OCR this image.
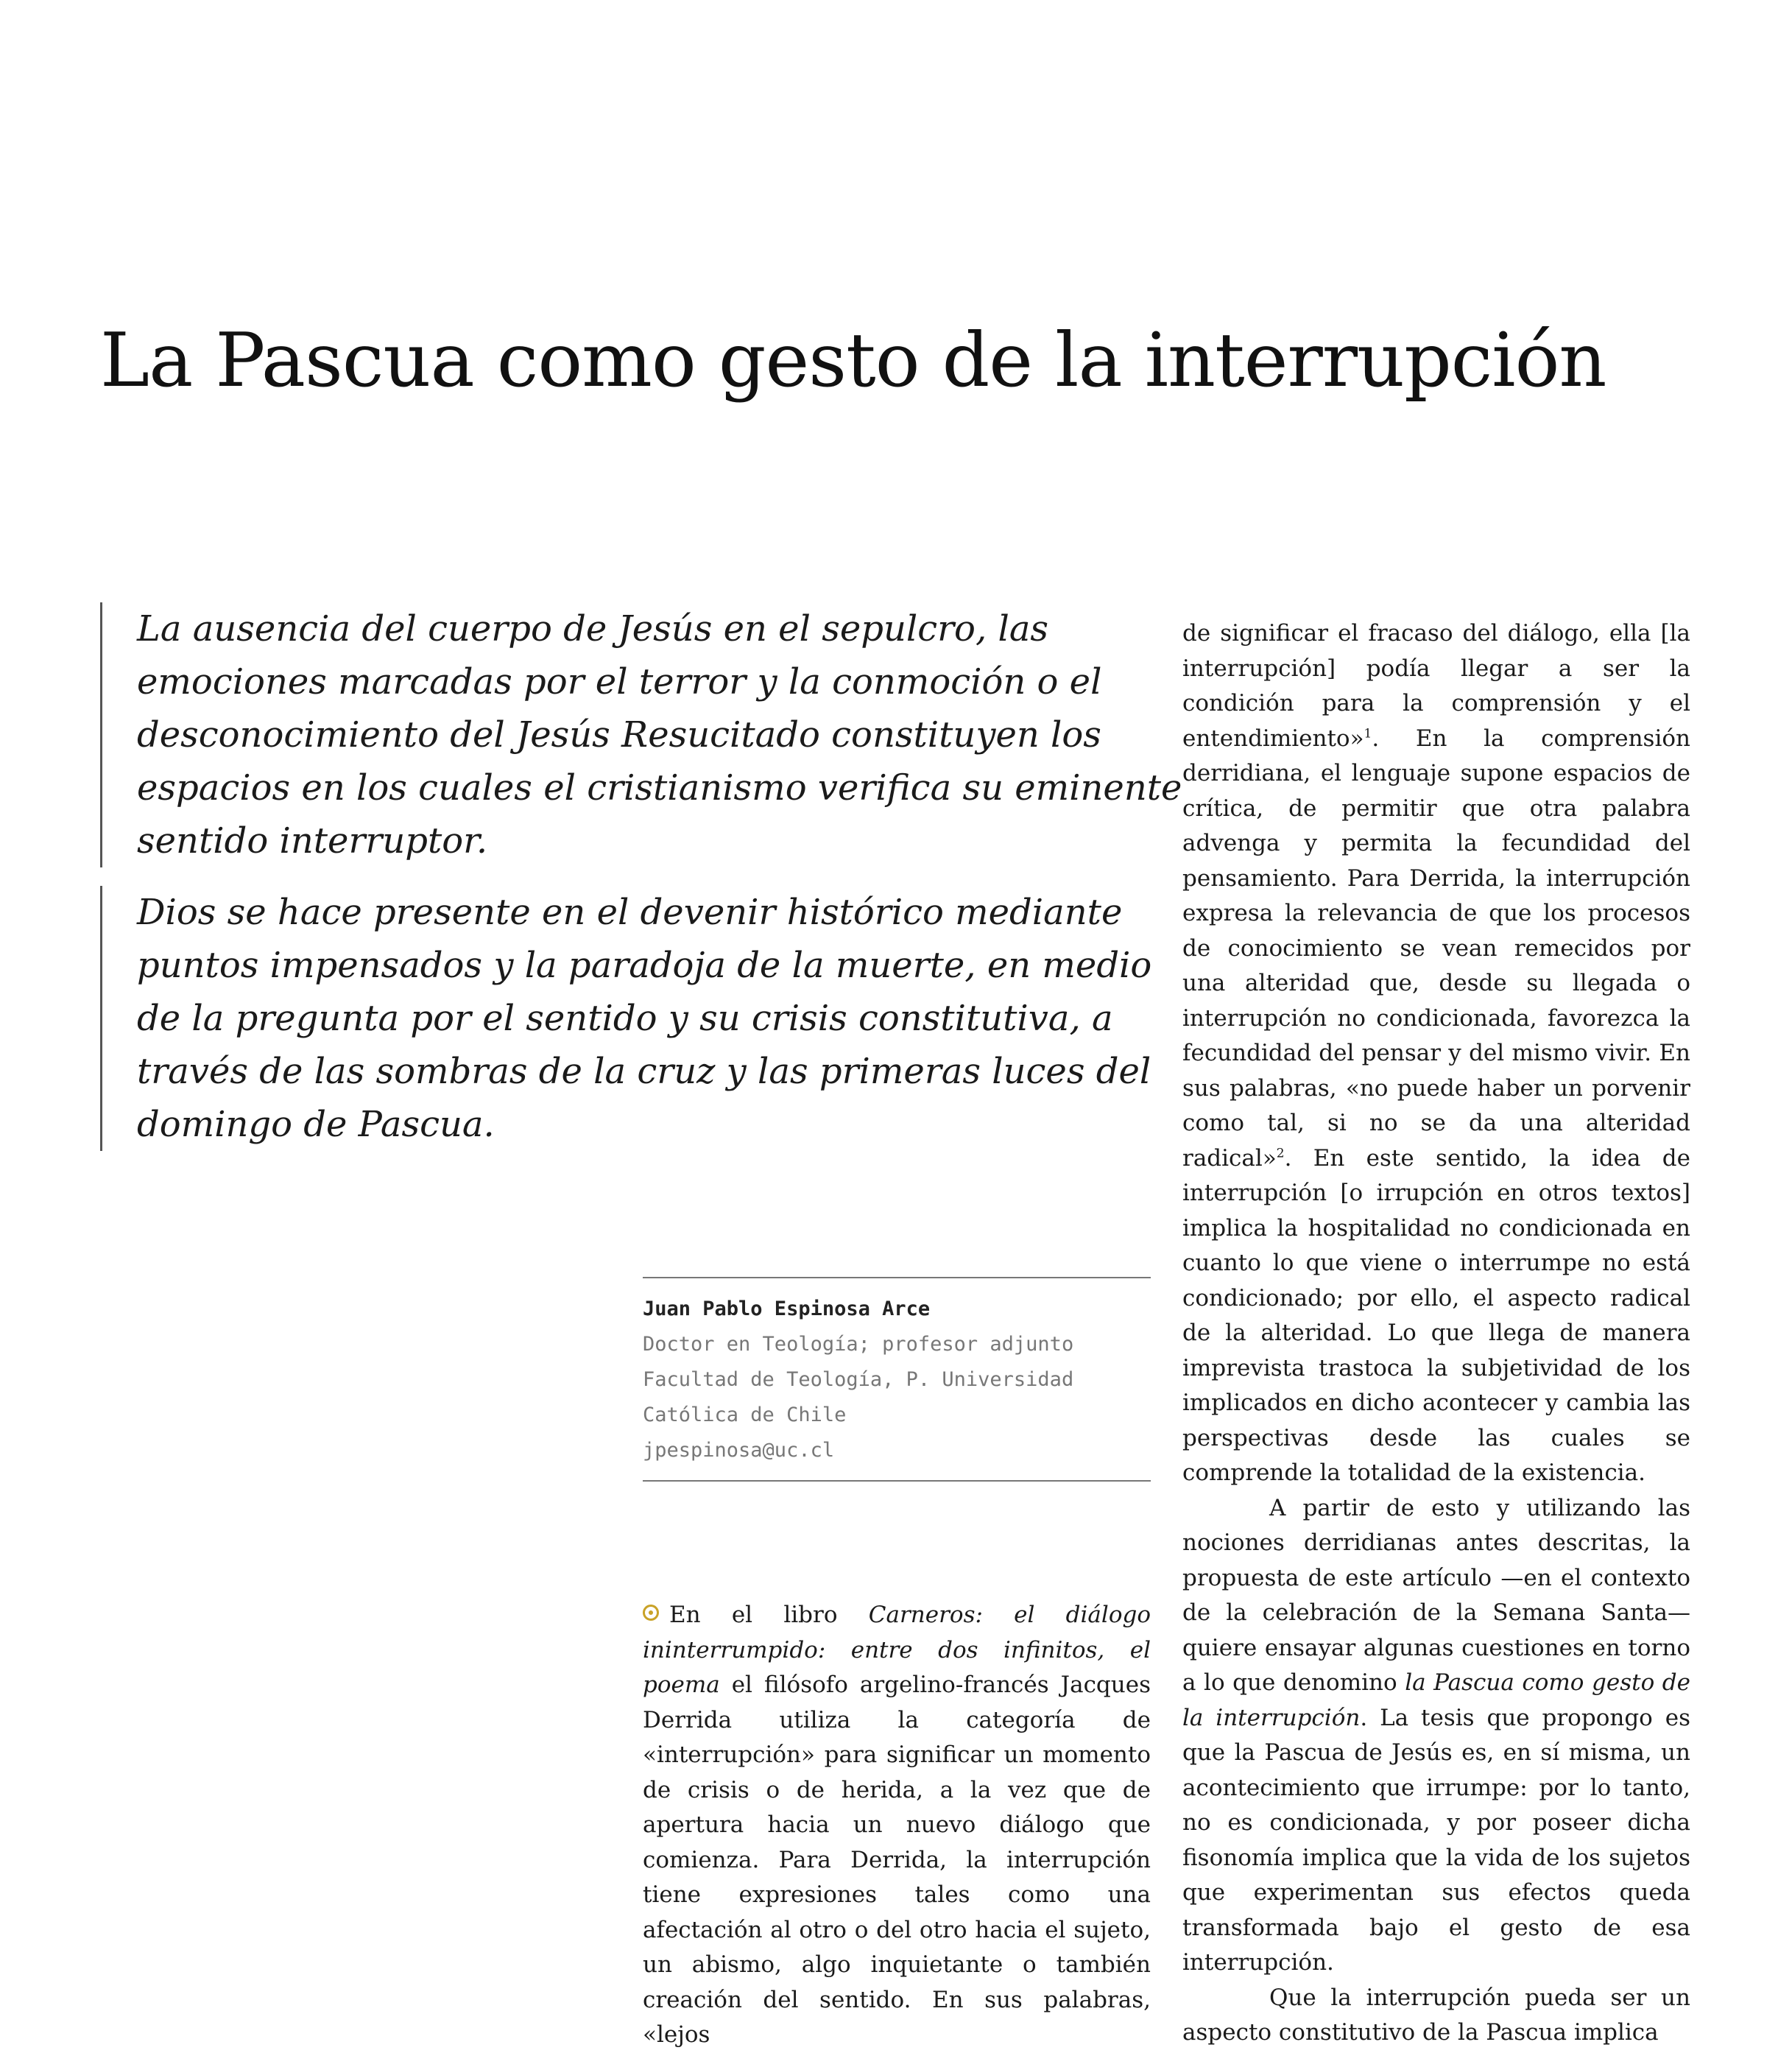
La Pascua como gesto de la interrupción
La ausencia del cuerpo de Jesús en el sepulcro, las emociones marcadas por el terror y la conmoción o el desconocimiento del Jesús Resucitado constituyen los espacios en los cuales el cristianismo verifica su eminente sentido interruptor.
Dios se hace presente en el devenir histórico mediante puntos impensados y la paradoja de la muerte, en medio de la pregunta por el sentido y su crisis constitutiva, a través de las sombras de la cruz y las primeras luces del domingo de Pascua.
Juan Pablo Espinosa Arce
Doctor en Teología; profesor adjunto
Facultad de Teología, P. Universidad
Católica de Chile
jpespinosa@uc.cl

En el libro Carneros: el diálogo ininterrumpido: entre dos infinitos, el poema el filósofo argelino-francés Jacques Derrida utiliza la categoría de «interrupción» para significar un momento de crisis o de herida, a la vez que de apertura hacia un nuevo diálogo que comienza. Para Derrida, la interrupción tiene expresiones tales como una afectación al otro o del otro hacia el sujeto, un abismo, algo inquietante o también creación del sentido. En sus palabras, «lejos

de significar el fracaso del diálogo, ella [la interrupción] podía llegar a ser la condición para la comprensión y el entendimiento»$^1$. En la comprensión derridiana, el lenguaje supone espacios de crítica, de permitir que otra palabra advenga y permita la fecundidad del pensamiento. Para Derrida, la interrupción expresa la relevancia de que los procesos de conocimiento se vean remecidos por una alteridad que, desde su llegada o interrupción no condicionada, favorezca la fecundidad del pensar y del mismo vivir. En sus palabras, «no puede haber un porvenir como tal, si no se da una alteridad radical»$^2$. En este sentido, la idea de interrupción [o irrupción en otros textos] implica la hospitalidad no condicionada en cuanto lo que viene o interrumpe no está condicionado; por ello, el aspecto radical de la alteridad. Lo que llega de manera imprevista trastoca la subjetividad de los implicados en dicho acontecer y cambia las perspectivas desde las cuales se comprende la totalidad de la existencia.

A partir de esto y utilizando las nociones derridianas antes descritas, la propuesta de este artículo —en el contexto de la celebración de la Semana Santa— quiere ensayar algunas cuestiones en torno a lo que denomino la Pascua como gesto de la interrupción. La tesis que propongo es que la Pascua de Jesús es, en sí misma, un acontecimiento que irrumpe: por lo tanto, no es condicionada, y por poseer dicha fisonomía implica que la vida de los sujetos que experimentan sus efectos queda transformada bajo el gesto de esa interrupción.

Que la interrupción pueda ser un aspecto constitutivo de la Pascua implica
